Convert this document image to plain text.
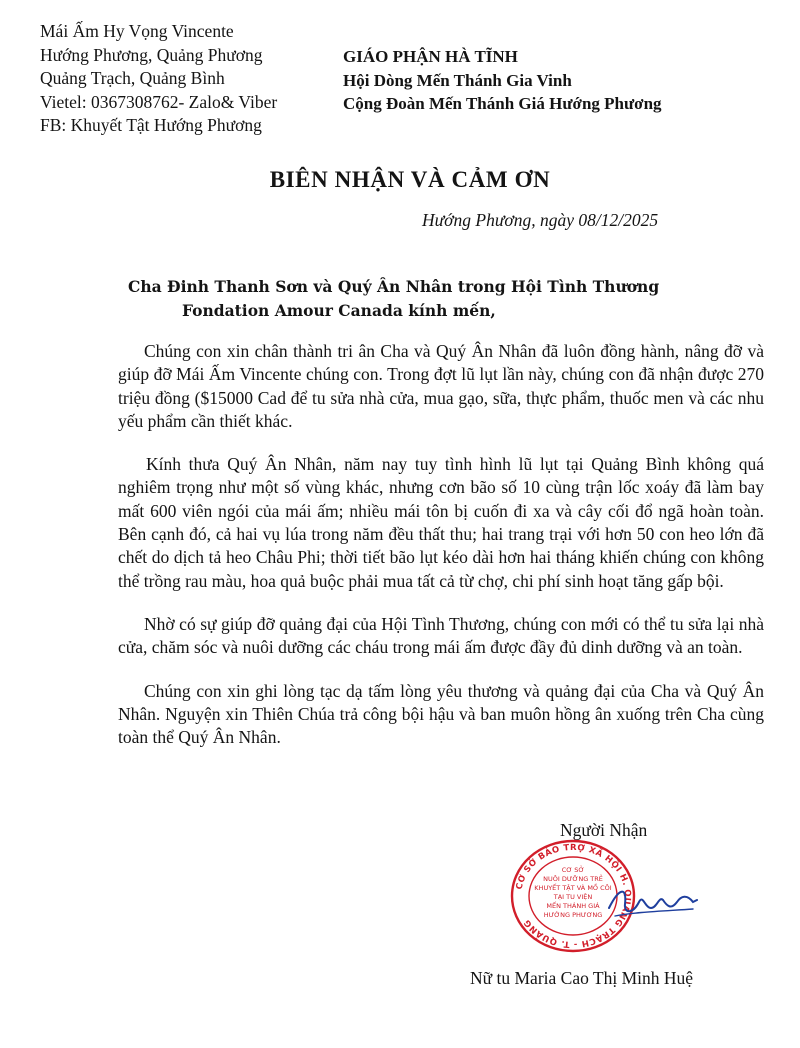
Mái Ấm Hy Vọng Vincente
Hướng Phương, Quảng Phương
Quảng Trạch, Quảng Bình
Vietel: 0367308762- Zalo& Viber
FB: Khuyết Tật Hướng Phương
GIÁO PHẬN HÀ TĨNH
Hội Dòng Mến Thánh Gia Vinh
Cộng Đoàn Mến Thánh Giá Hướng Phương
BIÊN NHẬN VÀ CẢM ƠN
Hướng Phương, ngày 08/12/2025
Cha Đinh Thanh Sơn và Quý Ân Nhân trong Hội Tình Thương
Fondation Amour Canada kính mến,

Chúng con xin chân thành tri ân Cha và Quý Ân Nhân đã luôn đồng hành, nâng đỡ và giúp đỡ Mái Ấm Vincente chúng con. Trong đợt lũ lụt lần này, chúng con đã nhận được 270 triệu đồng ($15000 Cad để tu sửa nhà cửa, mua gạo, sữa, thực phẩm, thuốc men và các nhu yếu phẩm cần thiết khác.

Kính thưa Quý Ân Nhân, năm nay tuy tình hình lũ lụt tại Quảng Bình không quá nghiêm trọng như một số vùng khác, nhưng cơn bão số 10 cùng trận lốc xoáy đã làm bay mất 600 viên ngói của mái ấm; nhiều mái tôn bị cuốn đi xa và cây cối đổ ngã hoàn toàn. Bên cạnh đó, cả hai vụ lúa trong năm đều thất thu; hai trang trại với hơn 50 con heo lớn đã chết do dịch tả heo Châu Phi; thời tiết bão lụt kéo dài hơn hai tháng khiến chúng con không thể trồng rau màu, hoa quả buộc phải mua tất cả từ chợ, chi phí sinh hoạt tăng gấp bội.

Nhờ có sự giúp đỡ quảng đại của Hội Tình Thương, chúng con mới có thể tu sửa lại nhà cửa, chăm sóc và nuôi dưỡng các cháu trong mái ấm được đầy đủ dinh dưỡng và an toàn.

Chúng con xin ghi lòng tạc dạ tấm lòng yêu thương và quảng đại của Cha và Quý Ân Nhân. Nguyện xin Thiên Chúa trả công bội hậu và ban muôn hồng ân xuống trên Cha cùng toàn thể Quý Ân Nhân.

Người Nhận
CƠ SỞ BẢO TRỢ XÃ HỘI H. QUẢNG TRẠCH - T. QUẢNG
CƠ SỞ
NUÔI DƯỠNG TRẺ
KHUYẾT TẬT VÀ MỒ CÔI
TẠI TU VIỆN
MẾN THÁNH GIÁ
HƯỚNG PHƯƠNG
Nữ tu Maria Cao Thị Minh Huệ
